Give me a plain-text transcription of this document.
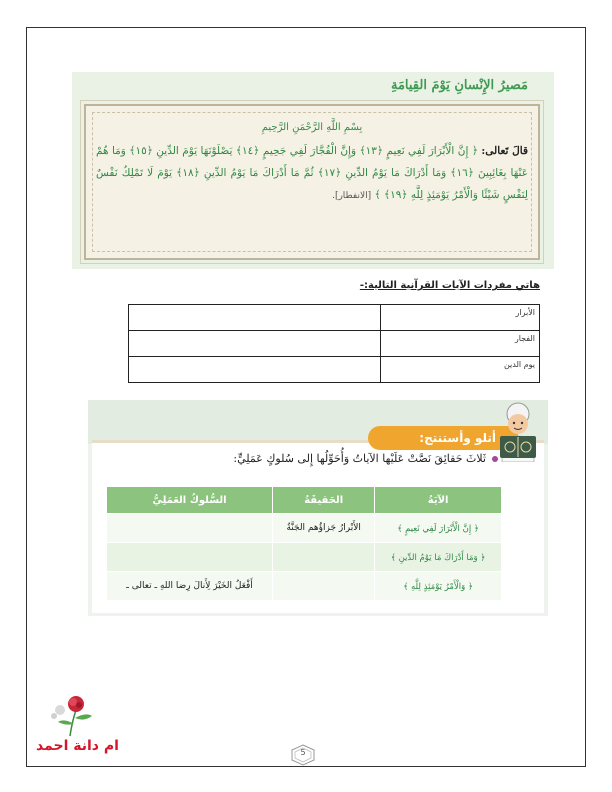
مَصيرُ الإِنْسانِ يَوْمَ القِيامَةِ
بِسْمِ اللَّهِ الرَّحْمَنِ الرَّحِيمِ
قالَ تَعالى: ﴿ إِنَّ الْأَبْرَارَ لَفِي نَعِيمٍ ﴿١٣﴾ وَإِنَّ الْفُجَّارَ لَفِي جَحِيمٍ ﴿١٤﴾ يَصْلَوْنَهَا يَوْمَ الدِّينِ ﴿١٥﴾ وَمَا هُمْ عَنْهَا بِغَائِبِينَ ﴿١٦﴾ وَمَا أَدْرَاكَ مَا يَوْمُ الدِّينِ ﴿١٧﴾ ثُمَّ مَا أَدْرَاكَ مَا يَوْمُ الدِّينِ ﴿١٨﴾ يَوْمَ لَا تَمْلِكُ نَفْسٌ لِنَفْسٍ شَيْئًا وَالْأَمْرُ يَوْمَئِذٍ لِلَّهِ ﴿١٩﴾ ﴾ [الانفطار].
هاتي مفردات الآيات القرآنية التالية:-
الأبرار	
الفجار	
يوم الدين	
أتلو وأستنتج:
ثَلاثَ حَقائِقَ نَصَّتْ عَلَيْها الآياتُ وَأُحَوِّلُها إِلى سُلوكٍ عَمَلِيٍّ:
الآيَةُ	الحَقيقَةُ	السُّلوكُ العَمَلِيُّ
﴿ إِنَّ الْأَبْرَارَ لَفِي نَعِيمٍ ﴾	الأَبْرارُ جَزاؤُهم الجَنَّةُ	
﴿ وَمَا أَدْرَاكَ مَا يَوْمُ الدِّينِ ﴾		
﴿ وَالْأَمْرُ يَوْمَئِذٍ لِلَّهِ ﴾		أَفْعَلُ الخَيْرَ لِأَنالَ رِضا اللهِ ـ تعالى ـ
ام دانة احمد	5
